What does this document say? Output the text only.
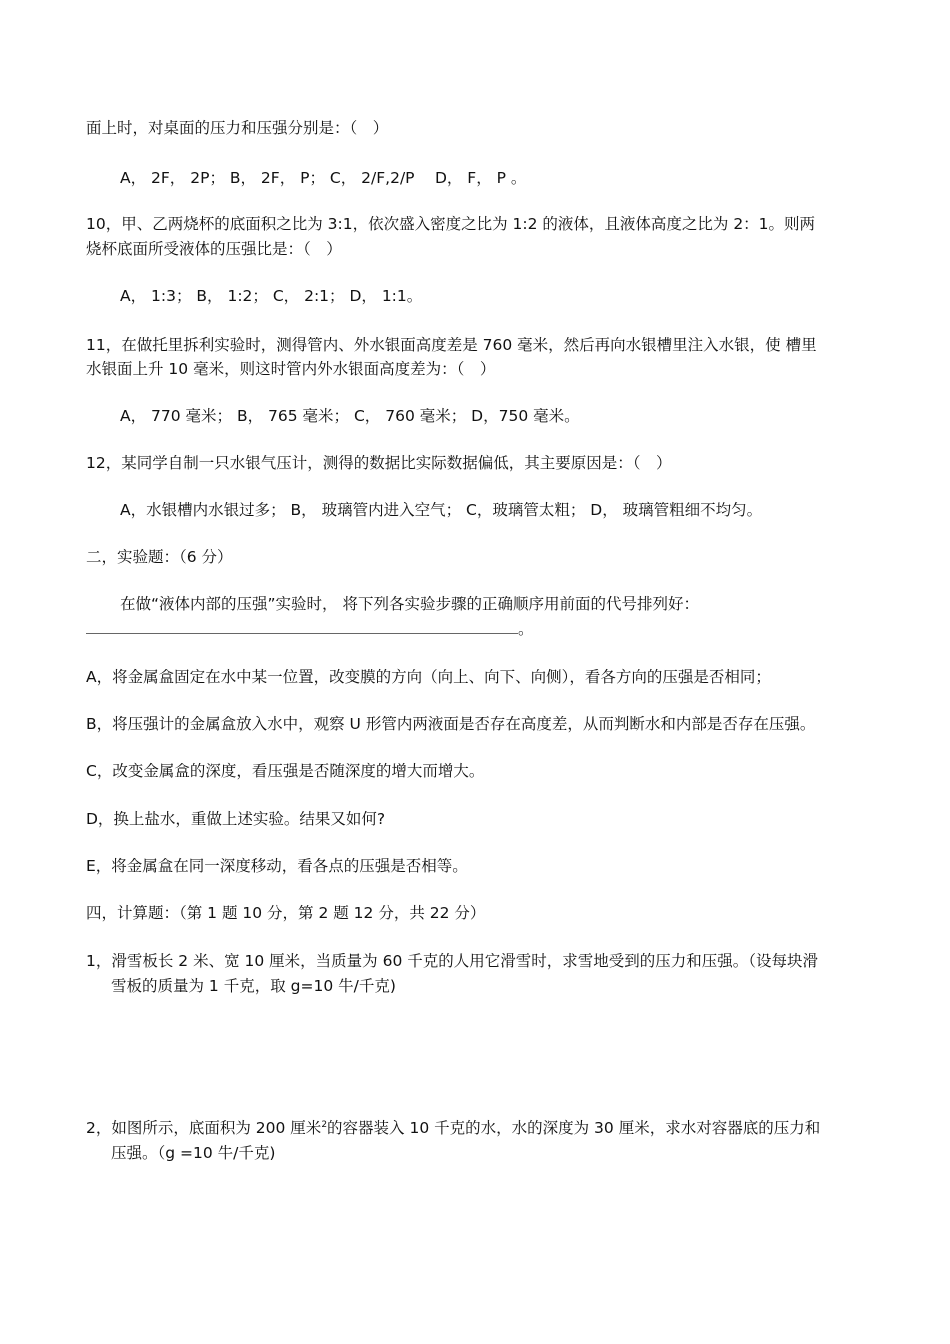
面上时，对桌面的压力和压强分别是：（　）
A， 2F， 2P； B， 2F， P； C， 2/F,2/P　 D， F， P 。
10，甲、乙两烧杯的底面积之比为 3:1，依次盛入密度之比为 1:2 的液体，且液体高度之比为 2：1。则两
烧杯底面所受液体的压强比是：（　）
A， 1:3； B， 1:2； C， 2:1； D， 1:1。
11，在做托里拆利实验时，测得管内、外水银面高度差是 760 毫米，然后再向水银槽里注入水银，使 槽里
水银面上升 10 毫米，则这时管内外水银面高度差为：（　）
A， 770 毫米； B， 765 毫米； C， 760 毫米； D，750 毫米。
12，某同学自制一只水银气压计，测得的数据比实际数据偏低，其主要原因是：（　）
A，水银槽内水银过多； B， 玻璃管内进入空气； C，玻璃管太粗； D， 玻璃管粗细不均匀。
二，实验题：（6 分）
在做“液体内部的压强”实验时， 将下列各实验步骤的正确顺序用前面的代号排列好：
。
A，将金属盒固定在水中某一位置，改变膜的方向（向上、向下、向侧），看各方向的压强是否相同；
B，将压强计的金属盒放入水中，观察 U 形管内两液面是否存在高度差，从而判断水和内部是否存在压强。
C，改变金属盒的深度，看压强是否随深度的增大而增大。
D，换上盐水，重做上述实验。结果又如何?
E，将金属盒在同一深度移动，看各点的压强是否相等。
四，计算题：（第 1 题 10 分，第 2 题 12 分，共 22 分）
1，滑雪板长 2 米、宽 10 厘米，当质量为 60 千克的人用它滑雪时，求雪地受到的压力和压强。（设每块滑
雪板的质量为 1 千克，取 g=10 牛/千克)
2，如图所示，底面积为 200 厘米$^2$的容器装入 10 千克的水，水的深度为 30 厘米，求水对容器底的压力和
压强。（g =10 牛/千克)
